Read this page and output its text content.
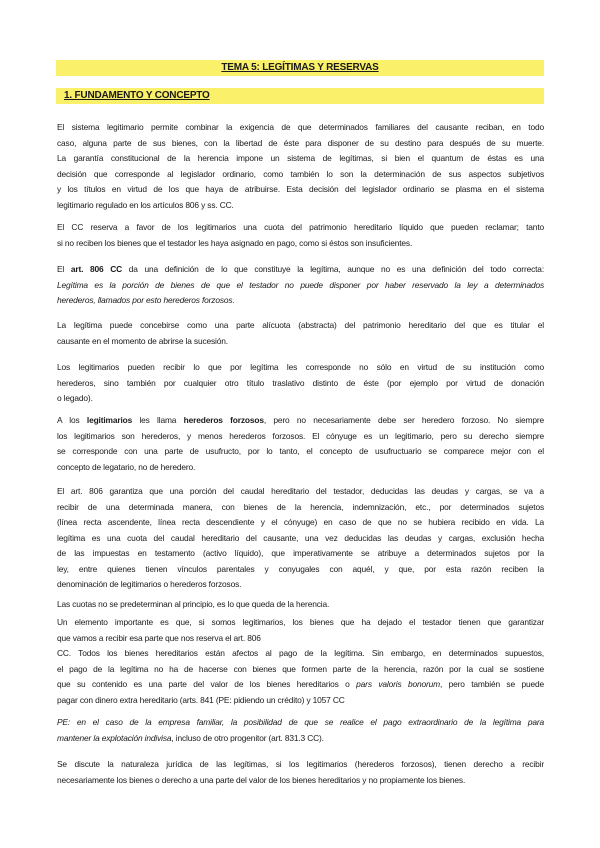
TEMA 5: LEGÍTIMAS Y RESERVAS
1. FUNDAMENTO Y CONCEPTO
El sistema legitimario permite combinar la exigencia de que determinados familiares del causante reciban, en todo
caso, alguna parte de sus bienes, con la libertad de éste para disponer de su destino para después de su muerte.
La garantía constitucional de la herencia impone un sistema de legítimas, si bien el quantum de éstas es una
decisión que corresponde al legislador ordinario, como también lo son la determinación de sus aspectos subjetivos
y los títulos en virtud de los que haya de atribuirse. Esta decisión del legislador ordinario se plasma en el sistema
legitimario regulado en los artículos 806 y ss. CC.
El CC reserva a favor de los legitimarios una cuota del patrimonio hereditario líquido que pueden reclamar; tanto
si no reciben los bienes que el testador les haya asignado en pago, como si éstos son insuficientes.
El art. 806 CC da una definición de lo que constituye la legítima, aunque no es una definición del todo correcta:
Legítima es la porción de bienes de que el testador no puede disponer por haber reservado la ley a determinados
herederos, llamados por esto herederos forzosos.
La legítima puede concebirse como una parte alícuota (abstracta) del patrimonio hereditario del que es titular el
causante en el momento de abrirse la sucesión.
Los legitimarios pueden recibir lo que por legítima les corresponde no sólo en virtud de su institución como
herederos, sino también por cualquier otro título traslativo distinto de éste (por ejemplo por virtud de donación
o legado).
A los legitimarios les llama herederos forzosos, pero no necesariamente debe ser heredero forzoso. No siempre
los legitimarios son herederos, y menos herederos forzosos. El cónyuge es un legitimario, pero su derecho siempre
se corresponde con una parte de usufructo, por lo tanto, el concepto de usufructuario se comparece mejor con el
concepto de legatario, no de heredero.
El art. 806 garantiza que una porción del caudal hereditario del testador, deducidas las deudas y cargas, se va a
recibir de una determinada manera, con bienes de la herencia, indemnización, etc., por determinados sujetos
(línea recta ascendente, línea recta descendiente y el cónyuge) en caso de que no se hubiera recibido en vida. La
legítima es una cuota del caudal hereditario del causante, una vez deducidas las deudas y cargas, exclusión hecha
de las impuestas en testamento (activo líquido), que imperativamente se atribuye a determinados sujetos por la
ley, entre quienes tienen vínculos parentales y conyugales con aquél, y que, por esta razón reciben la
denominación de legitimarios o herederos forzosos.
Las cuotas no se predeterminan al principio, es lo que queda de la herencia.
Un elemento importante es que, si somos legitimarios, los bienes que ha dejado el testador tienen que garantizar
que vamos a recibir esa parte que nos reserva el art. 806
CC. Todos los bienes hereditarios están afectos al pago de la legítima. Sin embargo, en determinados supuestos,
el pago de la legítima no ha de hacerse con bienes que formen parte de la herencia, razón por la cual se sostiene
que su contenido es una parte del valor de los bienes hereditarios o pars valoris bonorum, pero también se puede
pagar con dinero extra hereditario (arts. 841 (PE: pidiendo un crédito) y 1057 CC
PE: en el caso de la empresa familiar, la posibilidad de que se realice el pago extraordinario de la legítima para
mantener la explotación indivisa, incluso de otro progenitor (art. 831.3 CC).
Se discute la naturaleza jurídica de las legítimas, si los legitimarios (herederos forzosos), tienen derecho a recibir
necesariamente los bienes o derecho a una parte del valor de los bienes hereditarios y no propiamente los bienes.
